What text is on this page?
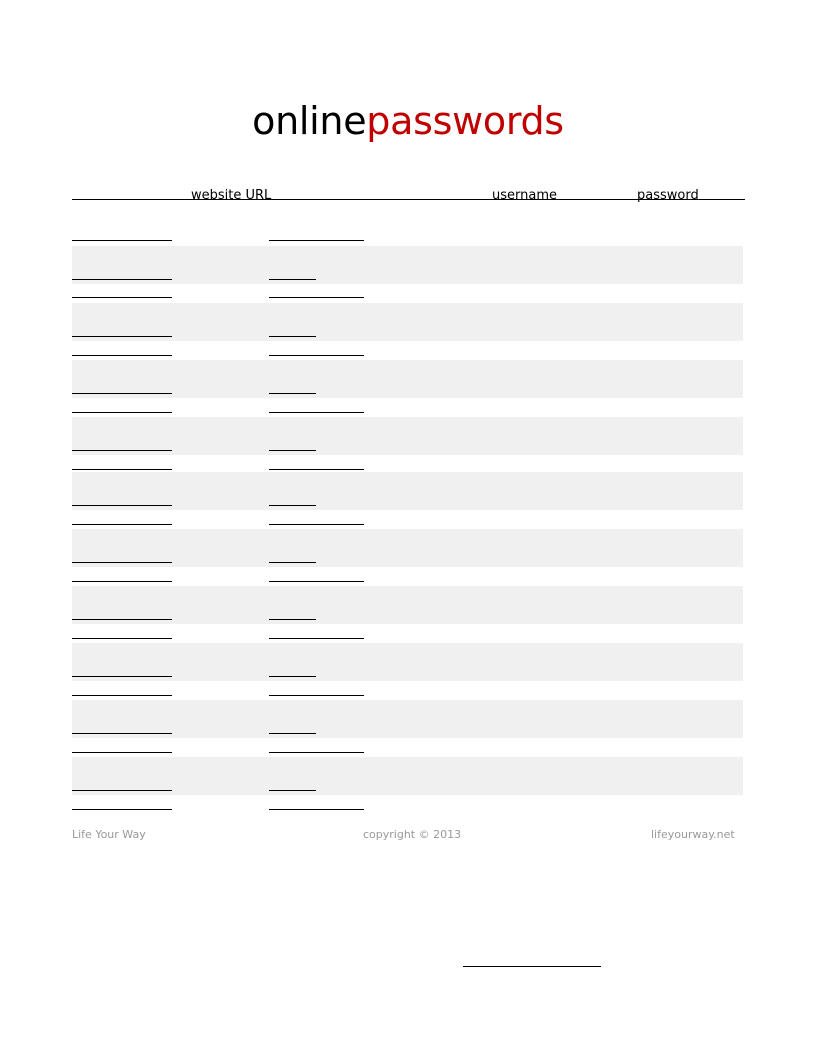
onlinepasswords
website URL	username	password
Life Your Way	copyright © 2013	lifeyourway.net
